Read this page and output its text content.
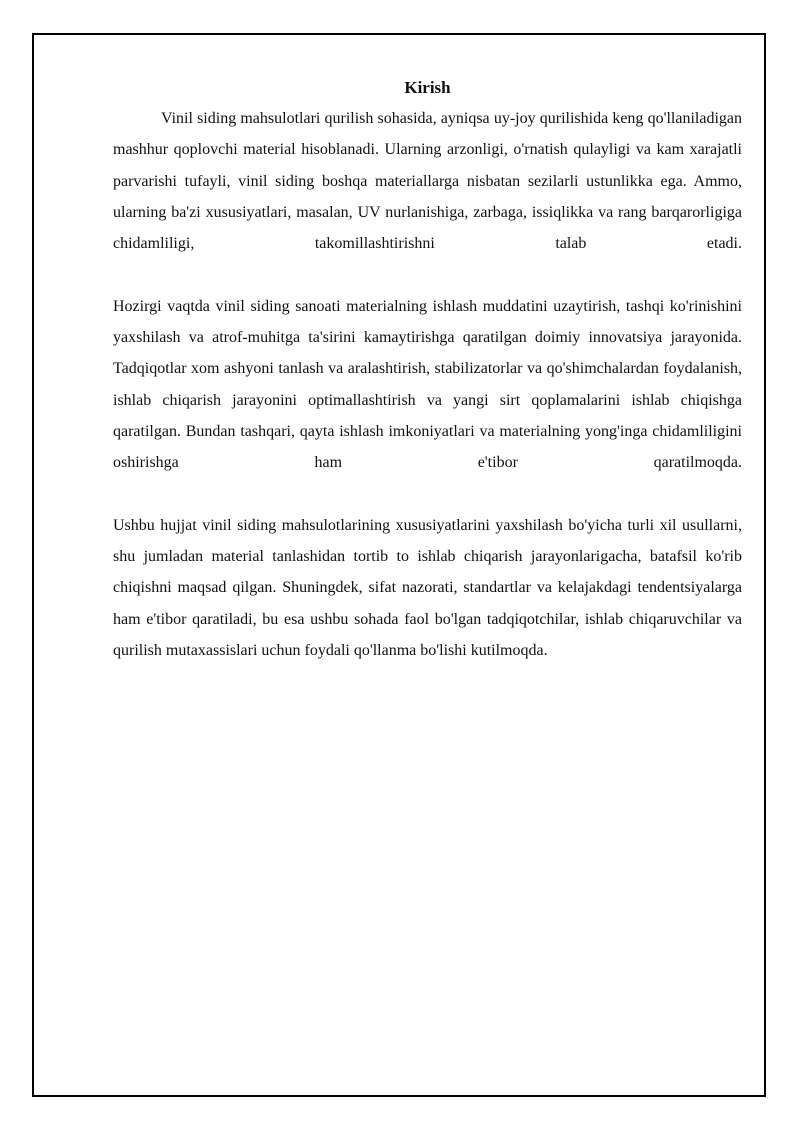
Kirish

Vinil siding mahsulotlari qurilish sohasida, ayniqsa uy-joy qurilishida keng qo'llaniladigan mashhur qoplovchi material hisoblanadi. Ularning arzonligi, o'rnatish qulayligi va kam xarajatli parvarishi tufayli, vinil siding boshqa materiallarga nisbatan sezilarli ustunlikka ega. Ammo, ularning ba'zi xususiyatlari, masalan, UV nurlanishiga, zarbaga, issiqlikka va rang barqarorligiga chidamliligi, takomillashtirishni talab etadi.

Hozirgi vaqtda vinil siding sanoati materialning ishlash muddatini uzaytirish, tashqi ko'rinishini yaxshilash va atrof-muhitga ta'sirini kamaytirishga qaratilgan doimiy innovatsiya jarayonida. Tadqiqotlar xom ashyoni tanlash va aralashtirish, stabilizatorlar va qo'shimchalardan foydalanish, ishlab chiqarish jarayonini optimallashtirish va yangi sirt qoplamalarini ishlab chiqishga qaratilgan. Bundan tashqari, qayta ishlash imkoniyatlari va materialning yong'inga chidamliligini oshirishga ham e'tibor qaratilmoqda.

Ushbu hujjat vinil siding mahsulotlarining xususiyatlarini yaxshilash bo'yicha turli xil usullarni, shu jumladan material tanlashidan tortib to ishlab chiqarish jarayonlarigacha, batafsil ko'rib chiqishni maqsad qilgan. Shuningdek, sifat nazorati, standartlar va kelajakdagi tendentsiyalarga ham e'tibor qaratiladi, bu esa ushbu sohada faol bo'lgan tadqiqotchilar, ishlab chiqaruvchilar va qurilish mutaxassislari uchun foydali qo'llanma bo'lishi kutilmoqda.
